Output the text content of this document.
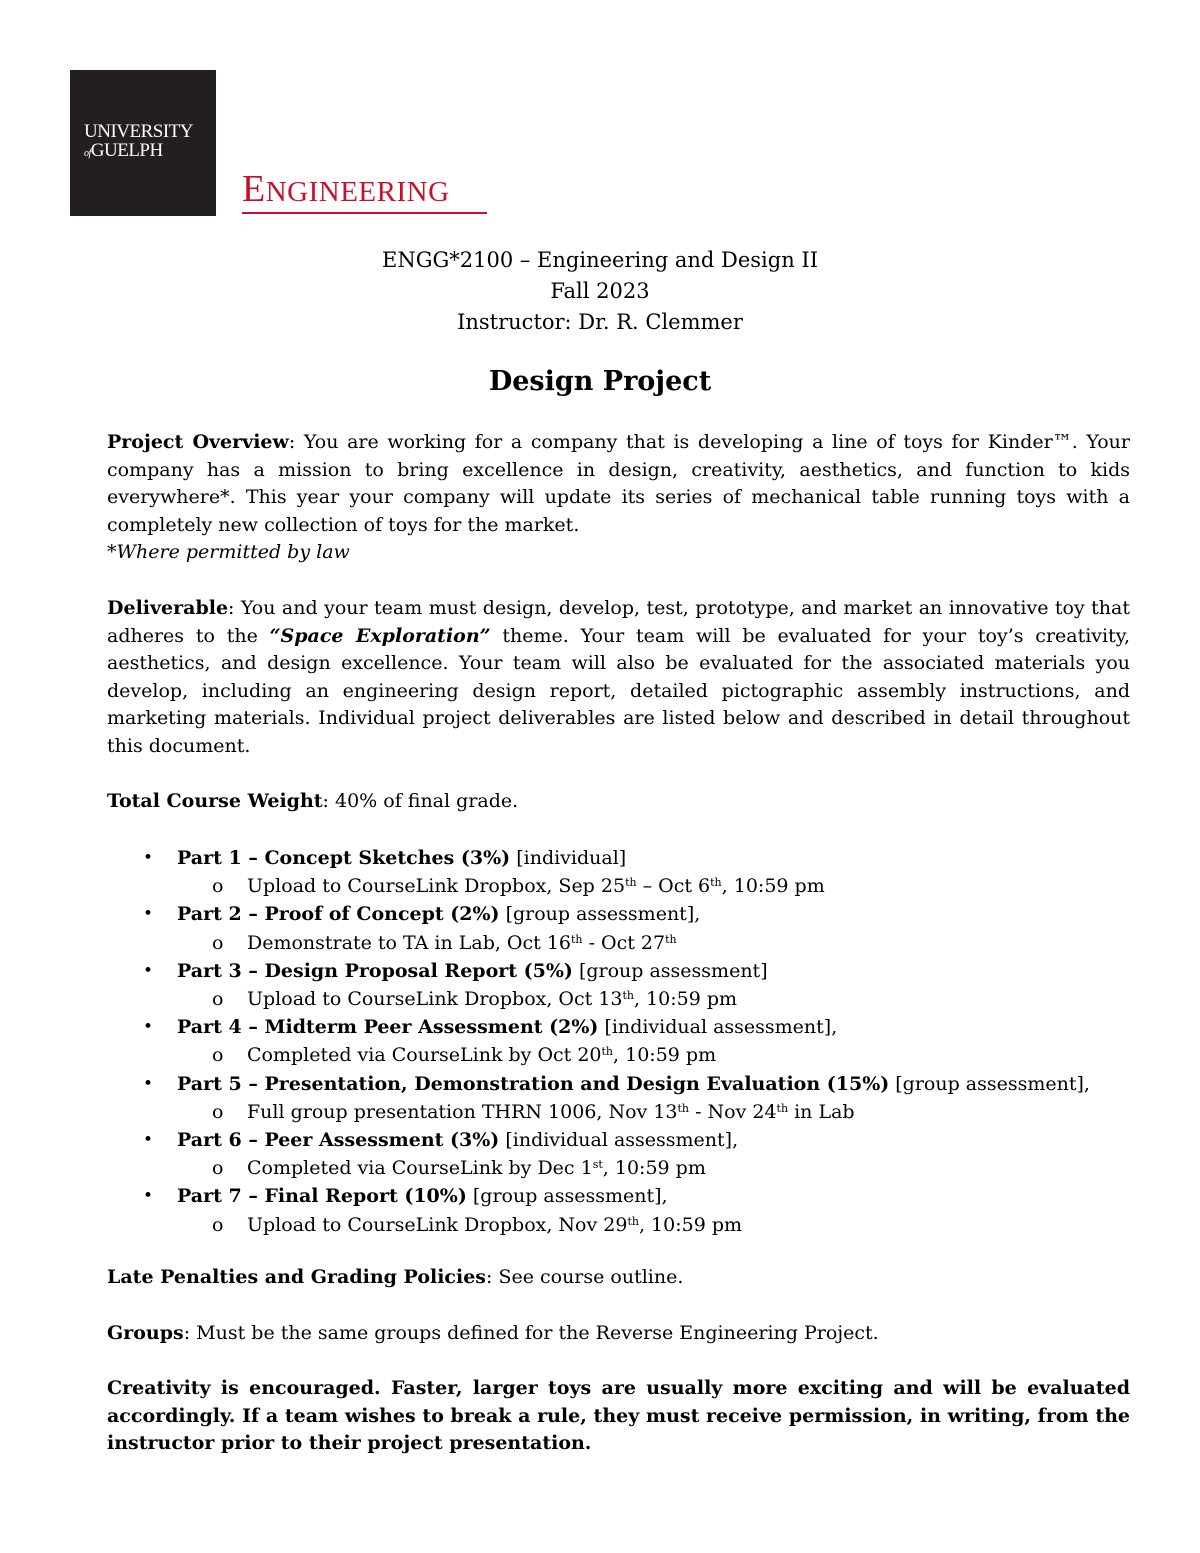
UNIVERSITY
ofGUELPH
ENGINEERING
ENGG*2100 – Engineering and Design II
Fall 2023
Instructor: Dr. R. Clemmer
Design Project

Project Overview: You are working for a company that is developing a line of toys for Kinder™. Your company has a mission to bring excellence in design, creativity, aesthetics, and function to kids everywhere*. This year your company will update its series of mechanical table running toys with a completely new collection of toys for the market.
*Where permitted by law

Deliverable: You and your team must design, develop, test, prototype, and market an innovative toy that adheres to the “Space Exploration” theme. Your team will be evaluated for your toy’s creativity, aesthetics, and design excellence. Your team will also be evaluated for the associated materials you develop, including an engineering design report, detailed pictographic assembly instructions, and marketing materials. Individual project deliverables are listed below and described in detail throughout this document.

Total Course Weight: 40% of final grade.

• Part 1 – Concept Sketches (3%) [individual]
o Upload to CourseLink Dropbox, Sep 25th – Oct 6th, 10:59 pm
• Part 2 – Proof of Concept (2%) [group assessment],
o Demonstrate to TA in Lab, Oct 16th - Oct 27th
• Part 3 – Design Proposal Report (5%) [group assessment]
o Upload to CourseLink Dropbox, Oct 13th, 10:59 pm
• Part 4 – Midterm Peer Assessment (2%) [individual assessment],
o Completed via CourseLink by Oct 20th, 10:59 pm
• Part 5 – Presentation, Demonstration and Design Evaluation (15%) [group assessment],
o Full group presentation THRN 1006, Nov 13th - Nov 24th in Lab
• Part 6 – Peer Assessment (3%) [individual assessment],
o Completed via CourseLink by Dec 1st, 10:59 pm
• Part 7 – Final Report (10%) [group assessment],
o Upload to CourseLink Dropbox, Nov 29th, 10:59 pm

Late Penalties and Grading Policies: See course outline.

Groups: Must be the same groups defined for the Reverse Engineering Project.

Creativity is encouraged. Faster, larger toys are usually more exciting and will be evaluated accordingly. If a team wishes to break a rule, they must receive permission, in writing, from the instructor prior to their project presentation.
